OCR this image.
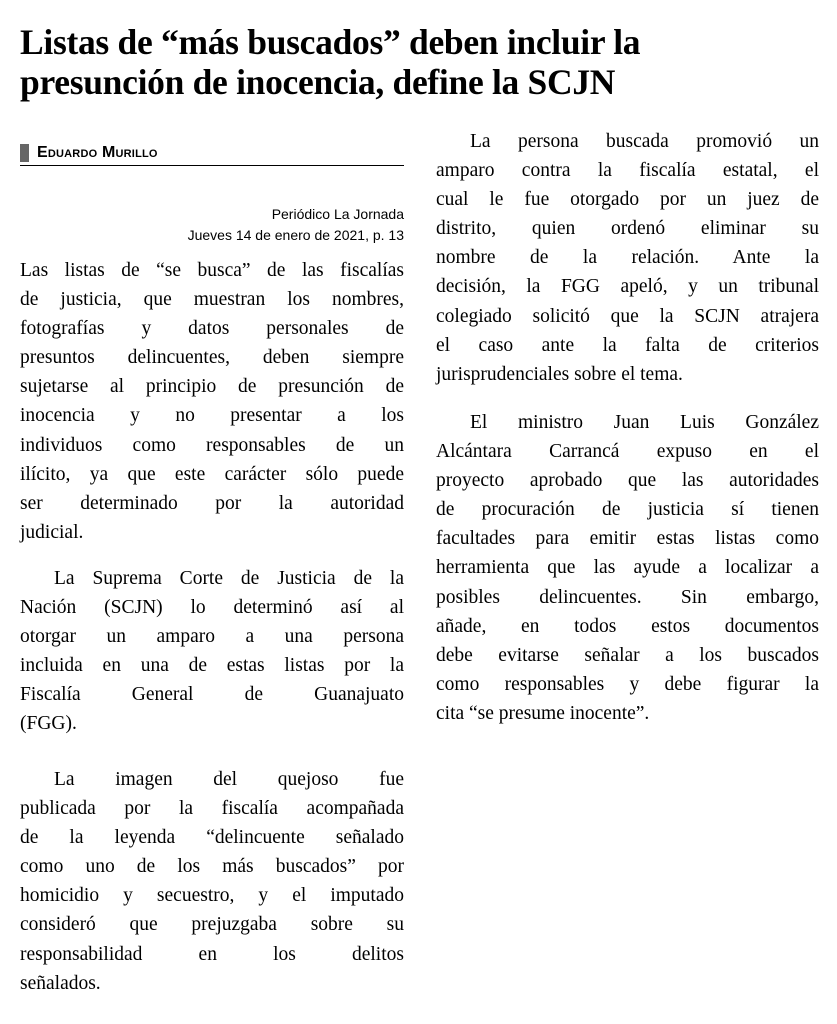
Listas de “más buscados” deben incluir la
presunción de inocencia, define la SCJN
Eduardo Murillo
Periódico La Jornada
Jueves 14 de enero de 2021, p. 13

Las listas de “se busca” de las fiscalías
de justicia, que muestran los nombres,
fotografías y datos personales de
presuntos delincuentes, deben siempre
sujetarse al principio de presunción de
inocencia y no presentar a los
individuos como responsables de un
ilícito, ya que este carácter sólo puede
ser determinado por la autoridad
judicial.

La Suprema Corte de Justicia de la
Nación (SCJN) lo determinó así al
otorgar un amparo a una persona
incluida en una de estas listas por la
Fiscalía General de Guanajuato
(FGG).

La imagen del quejoso fue
publicada por la fiscalía acompañada
de la leyenda “delincuente señalado
como uno de los más buscados” por
homicidio y secuestro, y el imputado
consideró que prejuzgaba sobre su
responsabilidad en los delitos
señalados.

La persona buscada promovió un
amparo contra la fiscalía estatal, el
cual le fue otorgado por un juez de
distrito, quien ordenó eliminar su
nombre de la relación. Ante la
decisión, la FGG apeló, y un tribunal
colegiado solicitó que la SCJN atrajera
el caso ante la falta de criterios
jurisprudenciales sobre el tema.

El ministro Juan Luis González
Alcántara Carrancá expuso en el
proyecto aprobado que las autoridades
de procuración de justicia sí tienen
facultades para emitir estas listas como
herramienta que las ayude a localizar a
posibles delincuentes. Sin embargo,
añade, en todos estos documentos
debe evitarse señalar a los buscados
como responsables y debe figurar la
cita “se presume inocente”.
